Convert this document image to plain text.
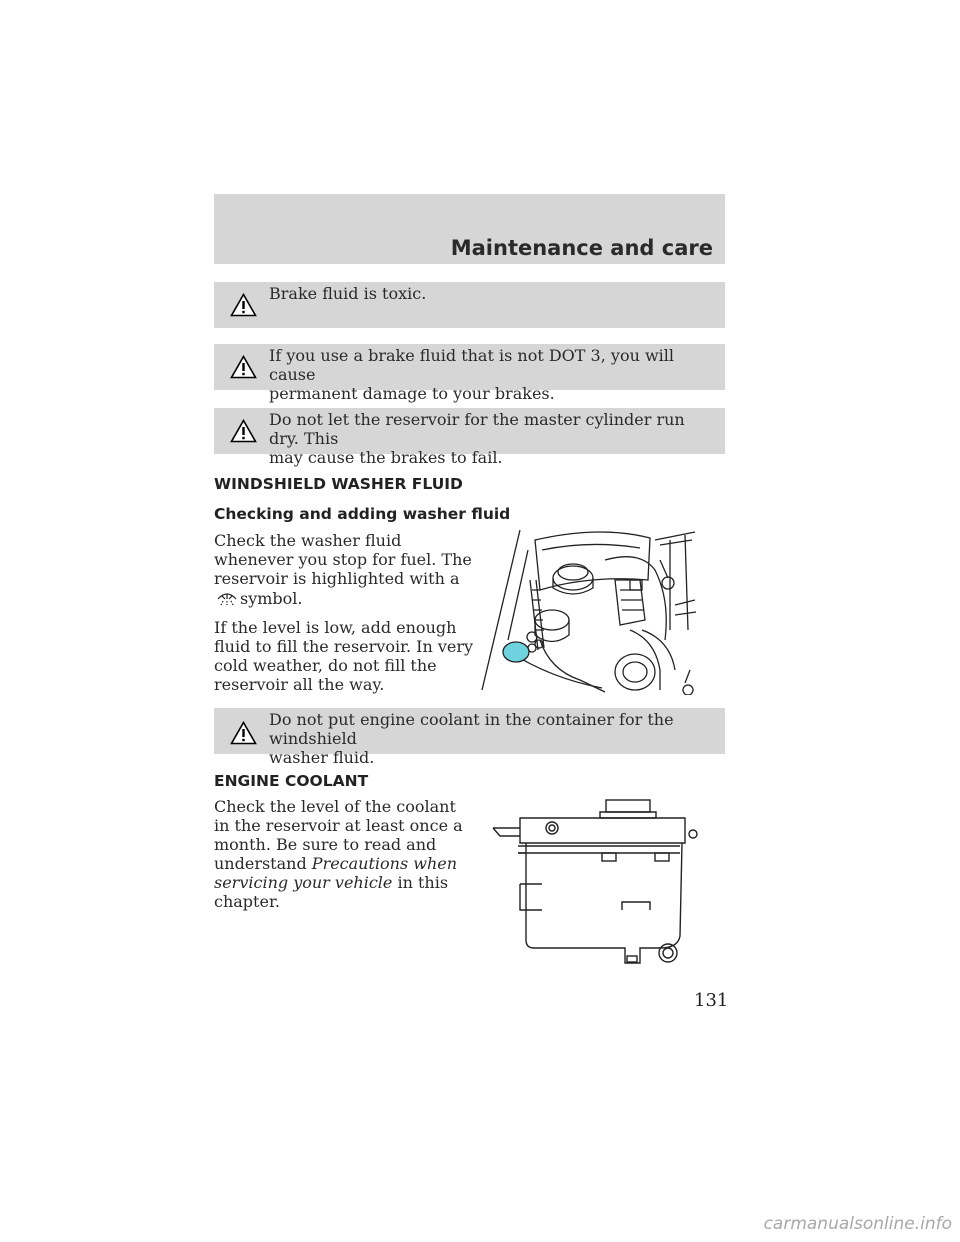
Maintenance and care
Brake fluid is toxic.
If you use a brake fluid that is not DOT 3, you will cause
permanent damage to your brakes.
Do not let the reservoir for the master cylinder run dry. This
may cause the brakes to fail.
WINDSHIELD WASHER FLUID
Checking and adding washer fluid

Check the washer fluid whenever you stop for fuel. The reservoir is highlighted with asymbol.

If the level is low, add enough fluid to fill the reservoir. In very cold weather, do not fill the reservoir all the way.

Do not put engine coolant in the container for the windshield
washer fluid.
ENGINE COOLANT

Check the level of the coolant in the reservoir at least once a month. Be sure to read and understand Precautions when servicing your vehicle in this chapter.

131
carmanualsonline.info
